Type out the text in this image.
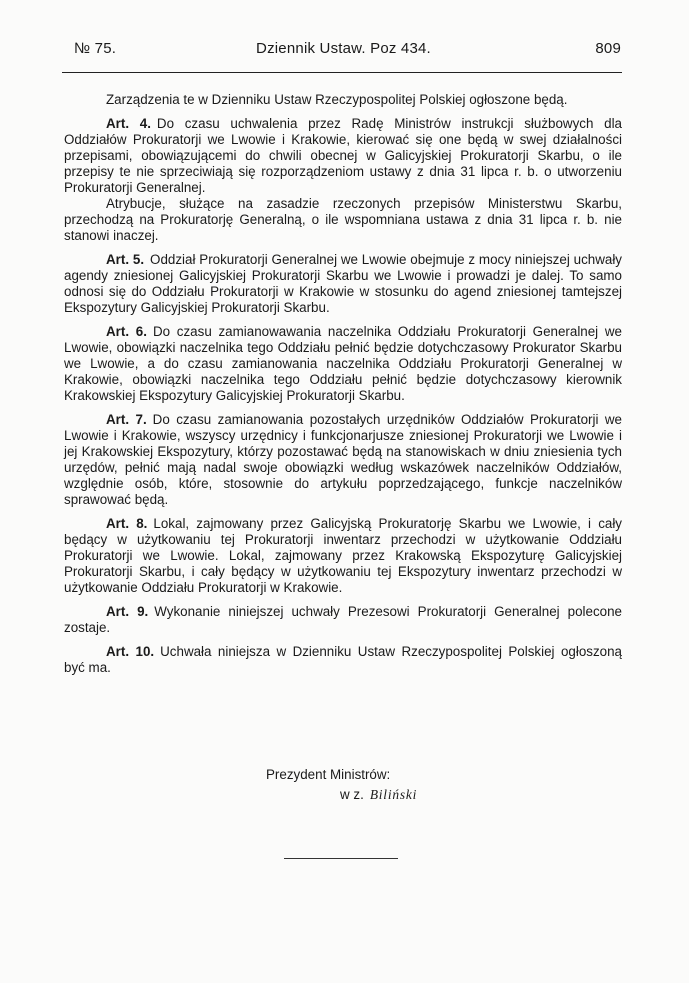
№ 75.	Dziennik Ustaw. Poz 434.	809

Zarządzenia te w Dzienniku Ustaw Rzeczypospolitej Polskiej ogłoszone będą.

Art. 4. Do czasu uchwalenia przez Radę Ministrów instrukcji służbowych dla Oddziałów Prokuratorji we Lwowie i Krakowie, kierować się one będą w swej działalności przepisami, obowiązującemi do chwili obecnej w Galicyjskiej Prokuratorji Skarbu, o ile przepisy te nie sprzeciwiają się rozporządzeniom ustawy z dnia 31 lipca r. b. o utworzeniu Prokuratorji Generalnej.

Atrybucje, służące na zasadzie rzeczonych przepisów Ministerstwu Skarbu, przechodzą na Prokuratorję Generalną, o ile wspomniana ustawa z dnia 31 lipca r. b. nie stanowi inaczej.

Art. 5. Oddział Prokuratorji Generalnej we Lwowie obejmuje z mocy niniejszej uchwały agendy zniesionej Galicyjskiej Prokuratorji Skarbu we Lwowie i prowadzi je dalej. To samo odnosi się do Oddziału Prokuratorji w Krakowie w stosunku do agend zniesionej tamtejszej Ekspozytury Galicyjskiej Prokuratorji Skarbu.

Art. 6. Do czasu zamianowawania naczelnika Oddziału Prokuratorji Generalnej we Lwowie, obowiązki naczelnika tego Oddziału pełnić będzie dotychczasowy Prokurator Skarbu we Lwowie, a do czasu zamianowania naczelnika Oddziału Prokuratorji Generalnej w Krakowie, obowiązki naczelnika tego Oddziału pełnić będzie dotychczasowy kierownik Krakowskiej Ekspozytury Galicyjskiej Prokuratorji Skarbu.

Art. 7. Do czasu zamianowania pozostałych urzędników Oddziałów Prokuratorji we Lwowie i Krakowie, wszyscy urzędnicy i funkcjonarjusze zniesionej Prokuratorji we Lwowie i jej Krakowskiej Ekspozytury, którzy pozostawać będą na stanowiskach w dniu zniesienia tych urzędów, pełnić mają nadal swoje obowiązki według wskazówek naczelników Oddziałów, względnie osób, które, stosownie do artykułu poprzedzającego, funkcje naczelników sprawować będą.

Art. 8. Lokal, zajmowany przez Galicyjską Prokuratorję Skarbu we Lwowie, i cały będący w użytkowaniu tej Prokuratorji inwentarz przechodzi w użytkowanie Oddziału Prokuratorji we Lwowie. Lokal, zajmowany przez Krakowską Ekspozyturę Galicyjskiej Prokuratorji Skarbu, i cały będący w użytkowaniu tej Ekspozytury inwentarz przechodzi w użytkowanie Oddziału Prokuratorji w Krakowie.

Art. 9. Wykonanie niniejszej uchwały Prezesowi Prokuratorji Generalnej polecone zostaje.

Art. 10. Uchwała niniejsza w Dzienniku Ustaw Rzeczypospolitej Polskiej ogłoszoną być ma.

Prezydent Ministrów:
w z. Biliński
